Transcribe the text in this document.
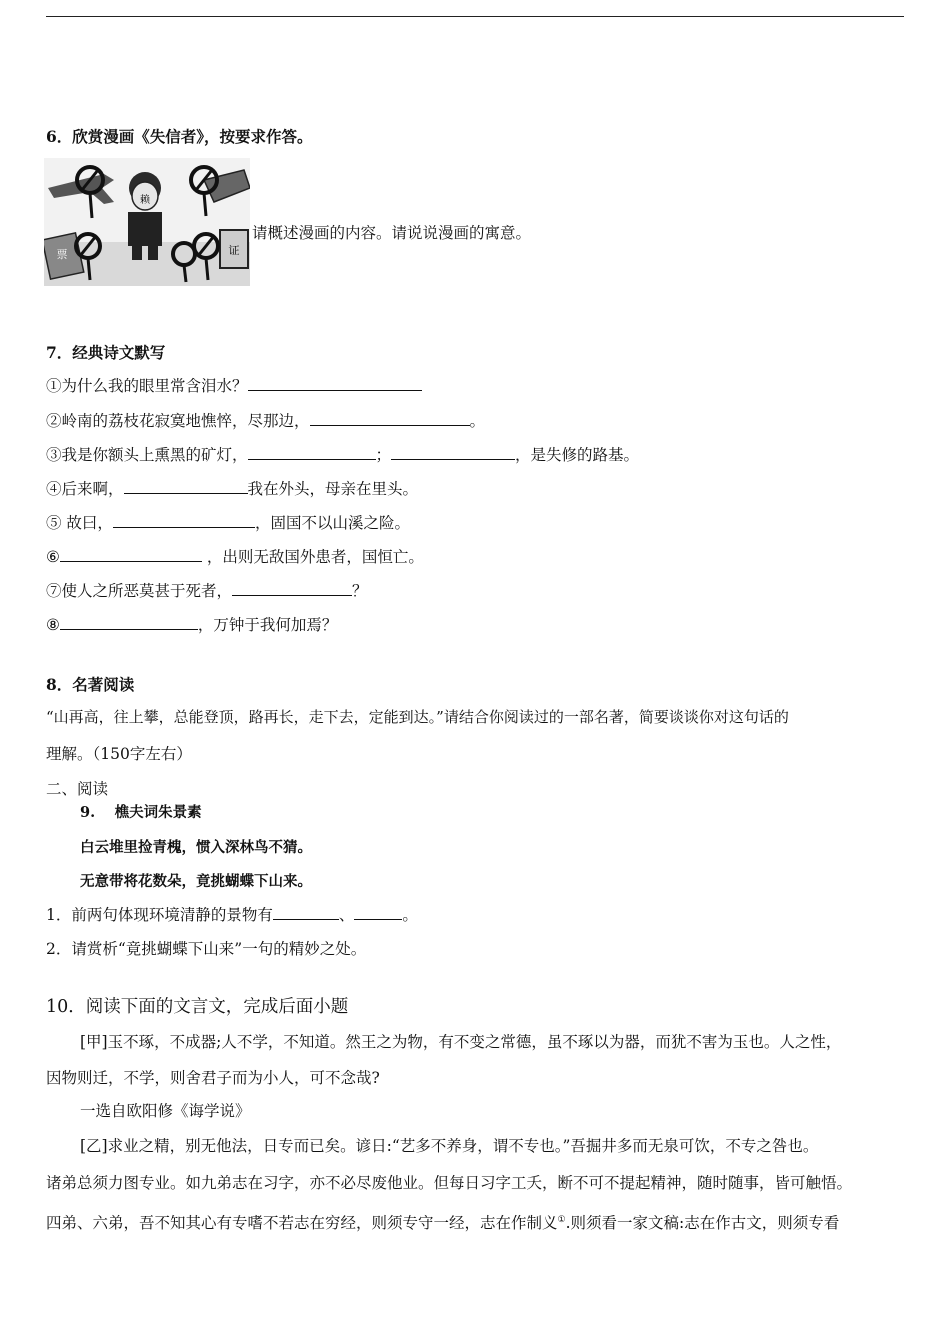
6．欣赏漫画《失信者》，按要求作答。
赖
票	证
请概述漫画的内容。请说说漫画的寓意。
7．经典诗文默写
①为什么我的眼里常含泪水？
②岭南的荔枝花寂寞地憔悴，尽那边，	。
③我是你额头上熏黑的矿灯，	；	，是失修的路基。
④后来啊，	我在外头，母亲在里头。
⑤ 故曰，	，固国不以山溪之险。
⑥	，出则无敌国外患者，国恒亡。
⑦使人之所恶莫甚于死者，	？
⑧	，万钟于我何加焉？
8．名著阅读
“山再高，往上攀，总能登顶，路再长，走下去，定能到达。”请结合你阅读过的一部名著，简要谈谈你对这句话的
理解。（150字左右）
二、阅读
9.　 樵夫词朱景素
白云堆里捡青槐，惯入深林鸟不猜。
无意带将花数朵，竟挑蝴蝶下山来。
1．前两句体现环境清静的景物有	、	。
2．请赏析“竟挑蝴蝶下山来”一句的精妙之处。
10．阅读下面的文言文，完成后面小题
[甲]玉不琢，不成器;人不学，不知道。然王之为物，有不变之常德，虽不琢以为器，而犹不害为玉也。人之性，
因物则迁，不学，则舍君子而为小人，可不念哉?
一选自欧阳修《诲学说》
[乙]求业之精，别无他法，日专而已矣。谚日:“艺多不养身，谓不专也。”吾掘井多而无泉可饮，不专之咎也。
诸弟总须力图专业。如九弟志在习字，亦不必尽废他业。但每日习字工夭，断不可不提起精神，随时随事，皆可触悟。
四弟、六弟，吾不知其心有专嗜不若志在穷经，则须专守一经，志在作制义①.则须看一家文稿:志在作古文，则须专看
